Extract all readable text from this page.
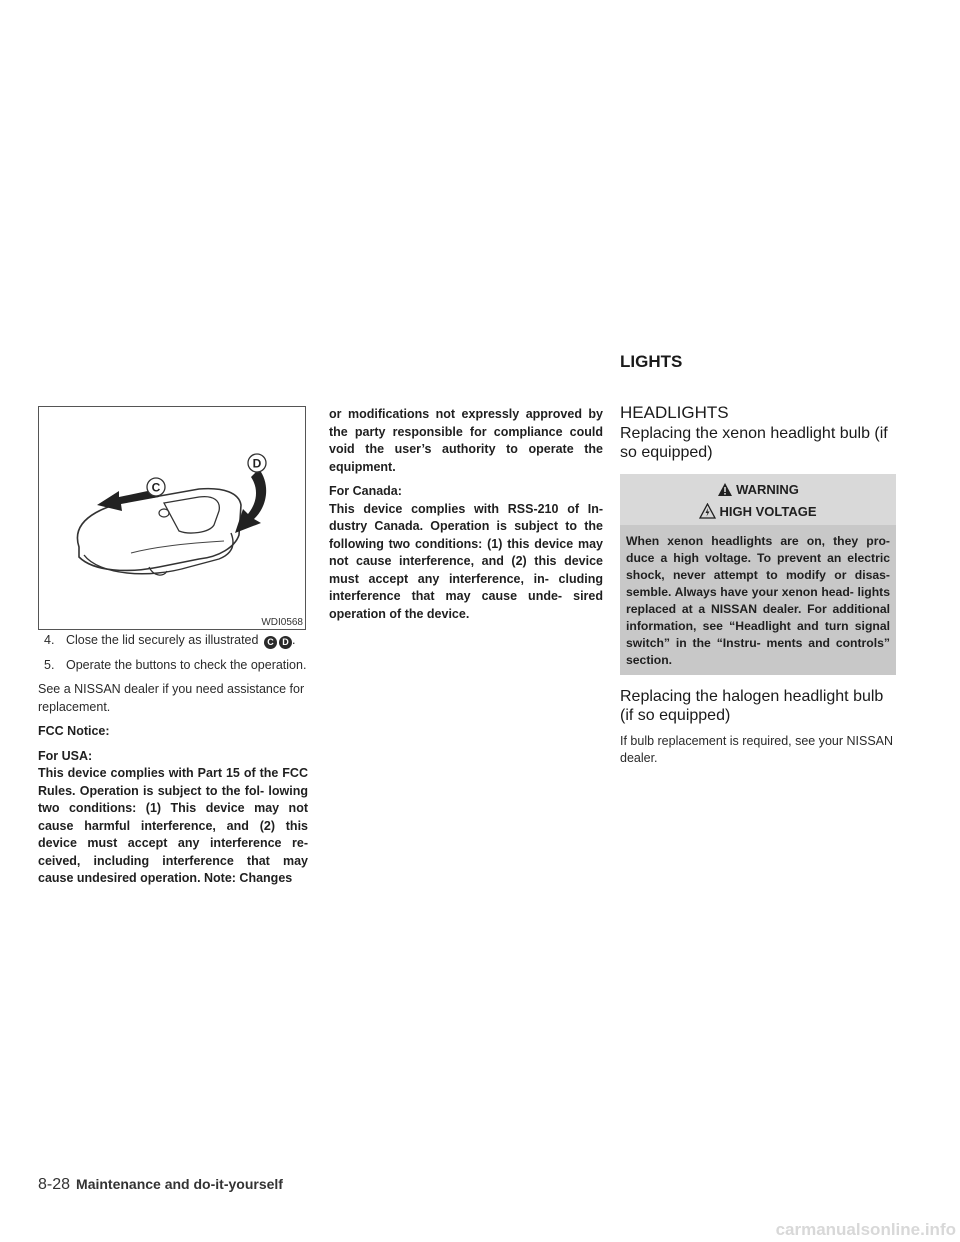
LIGHTS
C
D
WDI0568
4. Close the lid securely as illustrated C D .
5. Operate the buttons to check the operation.

See a NISSAN dealer if you need assistance for replacement.

FCC Notice:

For USA:
This device complies with Part 15 of the FCC Rules. Operation is subject to the fol- lowing two conditions: (1) This device may not cause harmful interference, and (2) this device must accept any interference re- ceived, including interference that may cause undesired operation. Note: Changes

or modifications not expressly approved by the party responsible for compliance could void the user’s authority to operate the equipment.

For Canada:

This device complies with RSS-210 of In- dustry Canada. Operation is subject to the following two conditions: (1) this device may not cause interference, and (2) this device must accept any interference, in- cluding interference that may cause unde- sired operation of the device.

HEADLIGHTS
Replacing the xenon headlight bulb (if so equipped)
WARNING
HIGH VOLTAGE
When xenon headlights are on, they pro- duce a high voltage. To prevent an electric shock, never attempt to modify or disas- semble. Always have your xenon head- lights replaced at a NISSAN dealer. For additional information, see “Headlight and turn signal switch” in the “Instru- ments and controls” section.
Replacing the halogen headlight bulb (if so equipped)

If bulb replacement is required, see your NISSAN dealer.

8-28 Maintenance and do-it-yourself
carmanualsonline.info
